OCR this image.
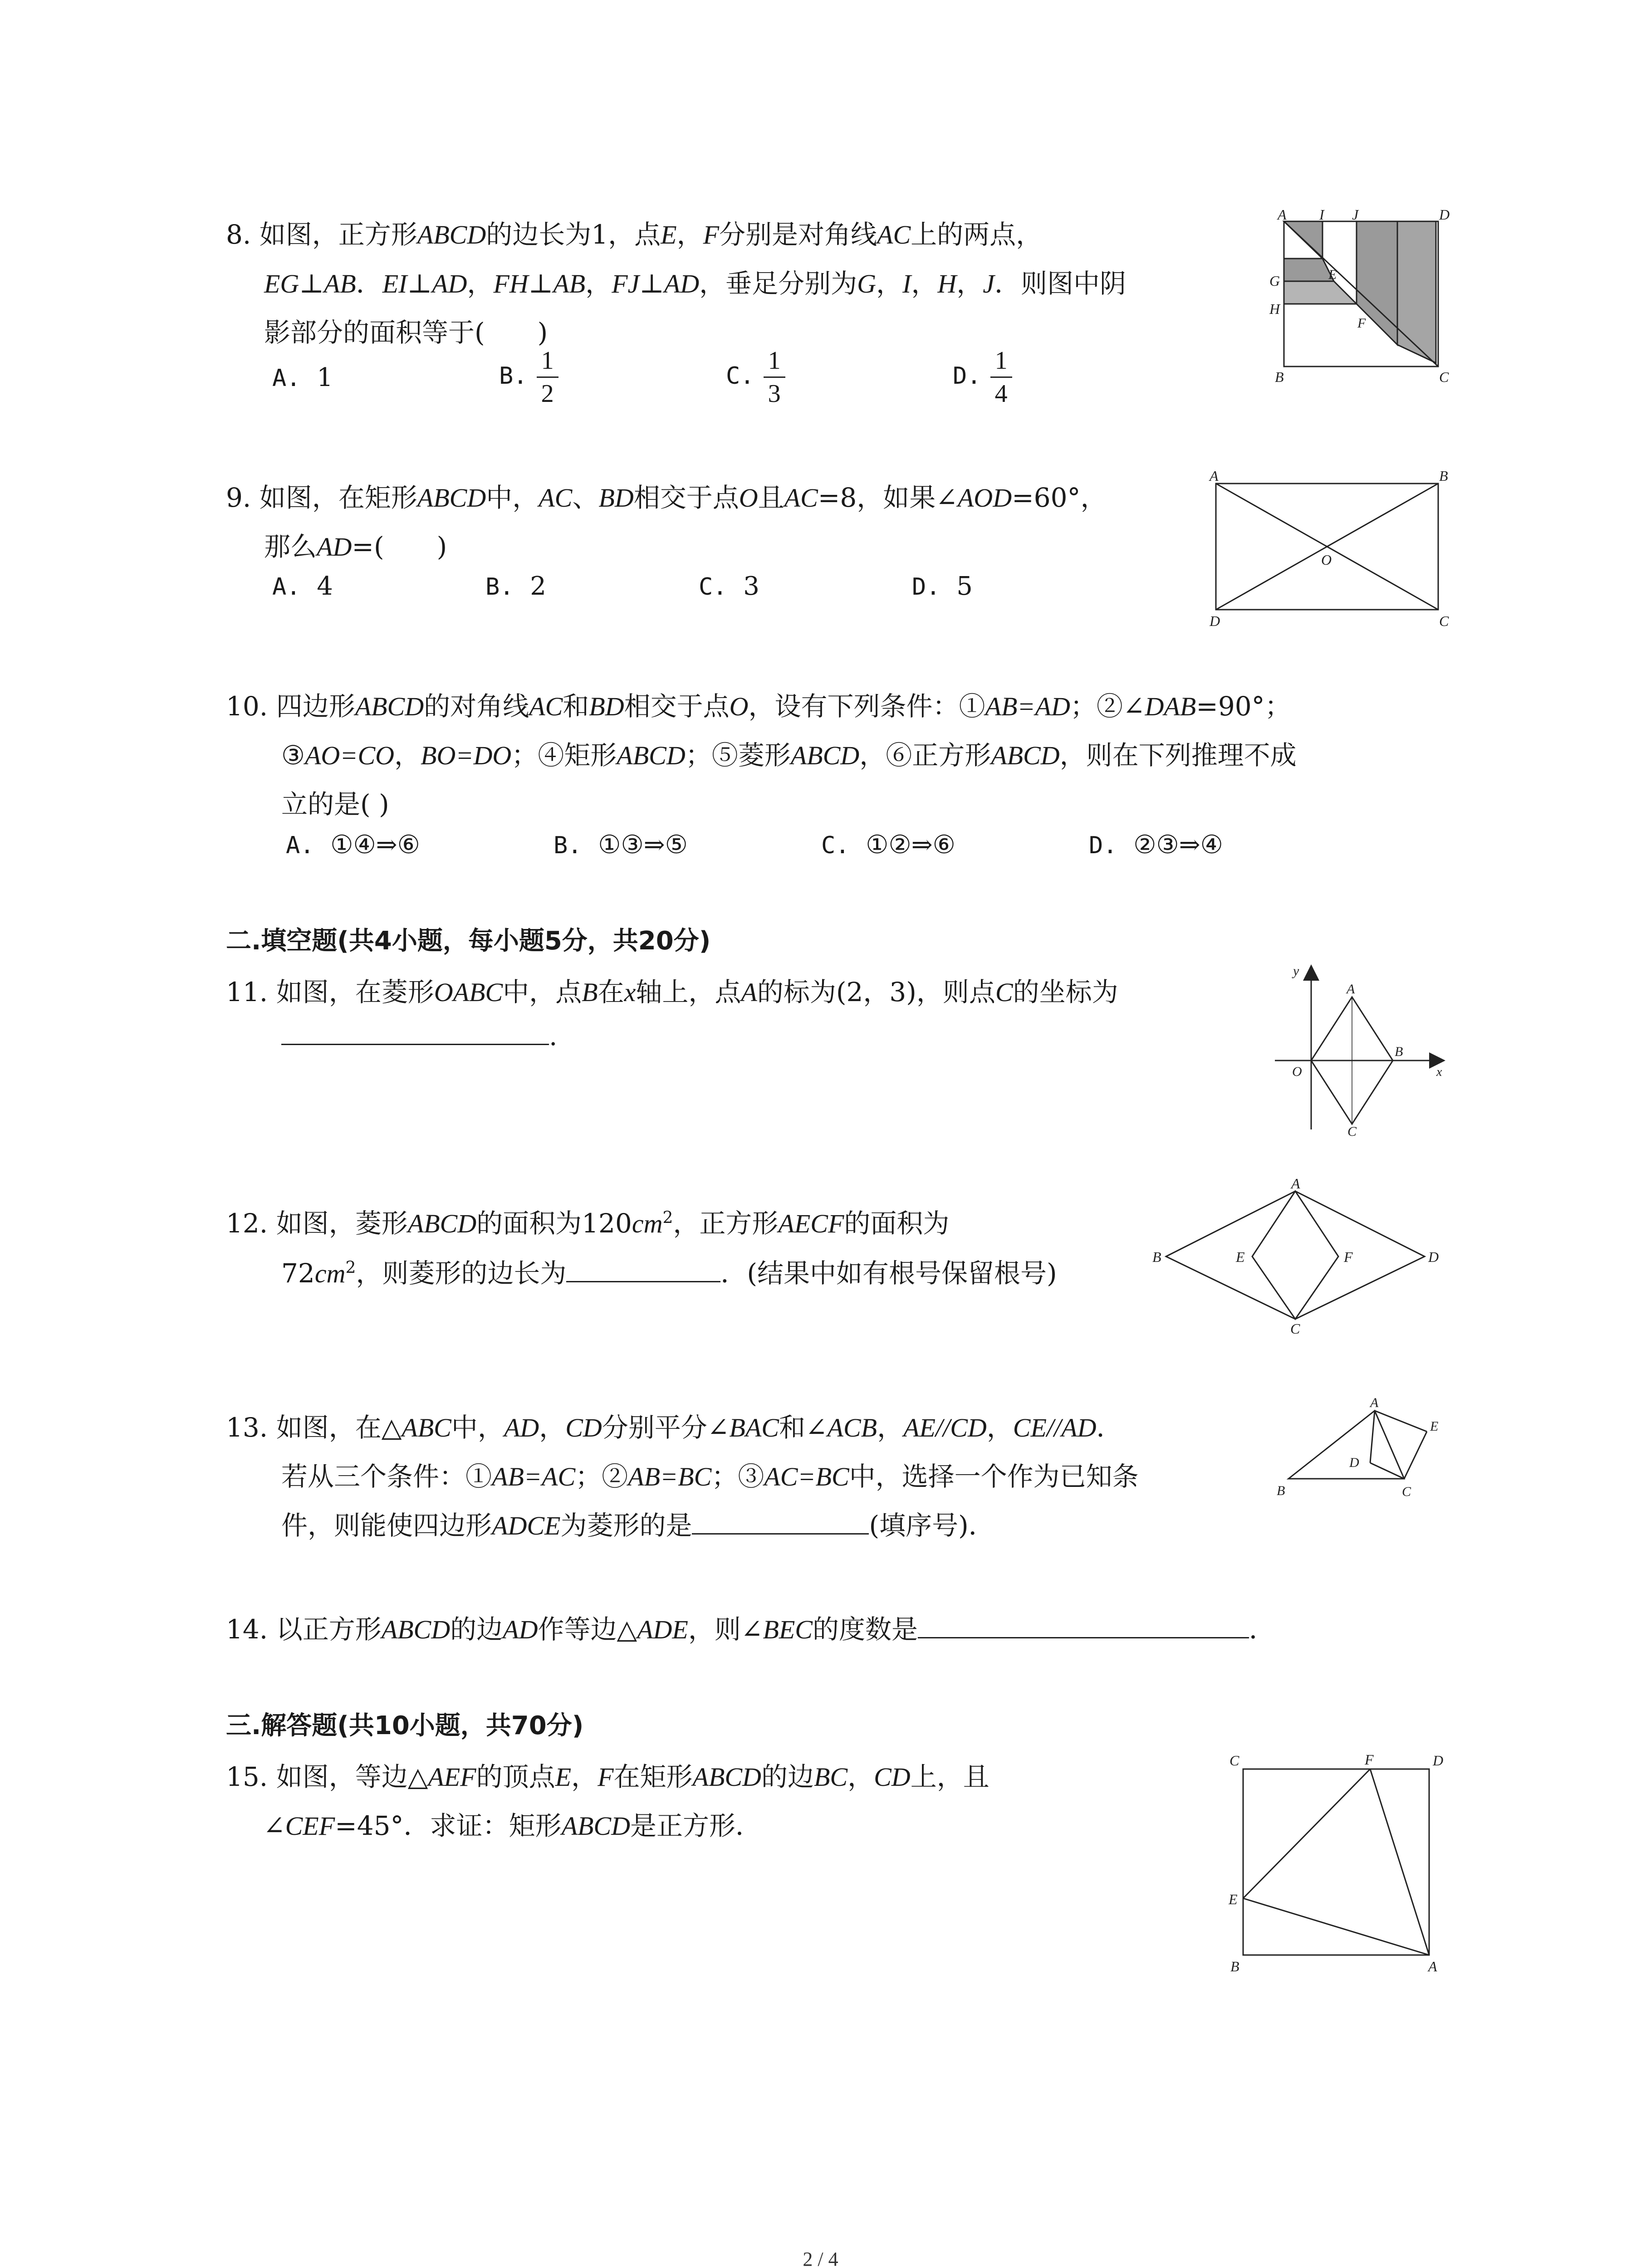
8. 如图，正方形ABCD的边长为1，点E，F分别是对角线AC上的两点，
EG⊥AB．EI⊥AD，FH⊥AB，FJ⊥AD，垂足分别为G，I，H，J．则图中阴
影部分的面积等于(　　)
A. 1	B. $\frac{1}{2}$	C. $\frac{1}{3}$	D. $\frac{1}{4}$
A I J	D
G	E
H
F
B	C
9. 如图，在矩形ABCD中，AC、BD相交于点O且AC=8，如果∠AOD=60°，
那么AD=(　　)
A. 4	B. 2	C. 3	D. 5
A	B
O
D	C
10. 四边形ABCD的对角线AC和BD相交于点O，设有下列条件：①AB=AD；②∠DAB=90°；
③AO=CO，BO=DO；④矩形ABCD；⑤菱形ABCD，⑥正方形ABCD，则在下列推理不成
立的是( )
A. ①④⇒⑥	B. ①③⇒⑤	C. ①②⇒⑥	D. ②③⇒④
二.填空题(共4小题，每小题5分，共20分)
11. 如图，在菱形OABC中，点B在x轴上，点A的标为(2，3)，则点C的坐标为
.
y
A
B
O	x
C
12. 如图，菱形ABCD的面积为$120cm^2$，正方形AECF的面积为
$72cm^2$，则菱形的边长为	．(结果中如有根号保留根号)
A
B	E	F	D
C
13. 如图，在△ABC中，AD，CD分别平分∠BAC和∠ACB，AE//CD，CE//AD．
若从三个条件：①AB=AC；②AB=BC；③AC=BC中，选择一个作为已知条
件，则能使四边形ADCE为菱形的是	(填序号)．
A
E
D
B	C
14. 以正方形ABCD的边AD作等边△ADE，则∠BEC的度数是	．
三.解答题(共10小题，共70分)
15. 如图，等边△AEF的顶点E，F在矩形ABCD的边BC，CD上，且
∠CEF=45°．求证：矩形ABCD是正方形．
C	F	D
E
B	A
2 / 4
